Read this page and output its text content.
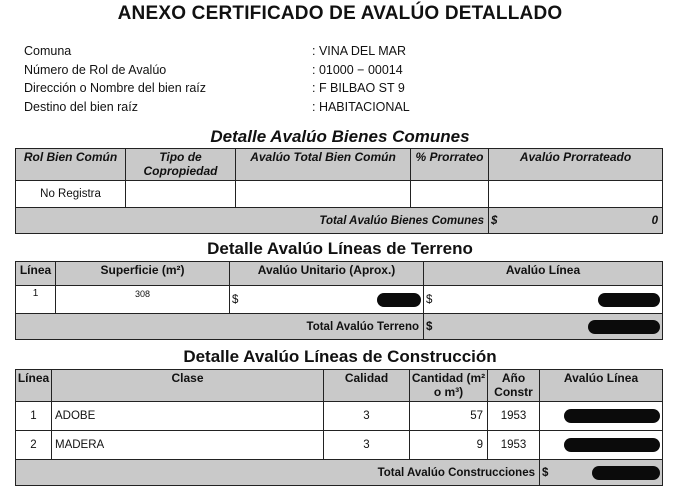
ANEXO CERTIFICADO DE AVALÚO DETALLADO
Comuna	: VINA DEL MAR
Número de Rol de Avalúo	: 01000 − 00014
Dirección o Nombre del bien raíz	: F BILBAO ST 9
Destino del bien raíz	: HABITACIONAL
Detalle Avalúo Bienes Comunes
Rol Bien Común	Tipo de Copropiedad	Avalúo Total Bien Común	% Prorrateo	Avalúo Prorrateado
No Registra				
Total Avalúo Bienes Comunes				$ 0
Detalle Avalúo Líneas de Terreno
Línea	Superficie (m²)	Avalúo Unitario (Aprox.)	Avalúo Línea
1	308	$	$

Total Avalúo Terreno			$
Detalle Avalúo Líneas de Construcción
Línea	Clase	Calidad	Cantidad (m² o m³)	Año Constr	Avalúo Línea
1	ADOBE	3	57	1953	

2	MADERA	3	9	1953	

Total Avalúo Construcciones					$
